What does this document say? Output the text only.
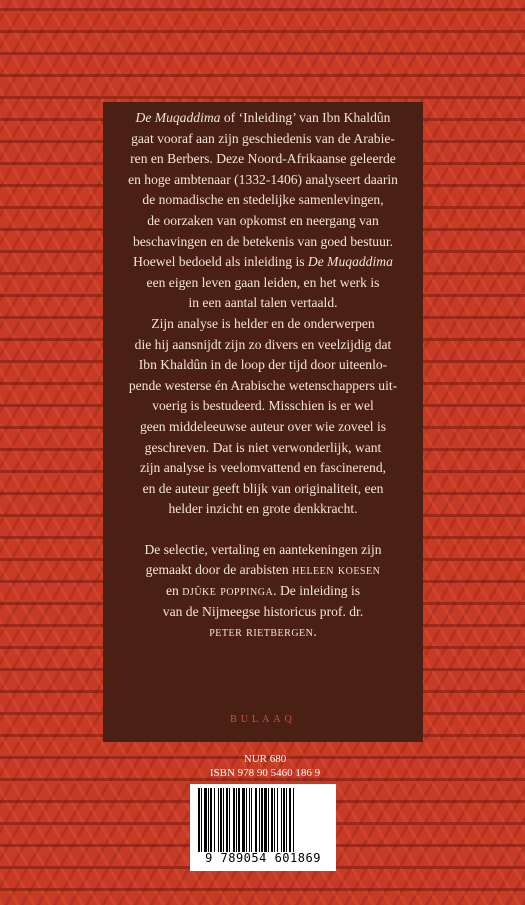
De Muqaddima of ‘Inleiding’ van Ibn Khaldûn

gaat vooraf aan zijn geschiedenis van de Arabie-

ren en Berbers. Deze Noord-Afrikaanse geleerde

en hoge ambtenaar (1332-1406) analyseert daarin

de nomadische en stedelijke samenlevingen,

de oorzaken van opkomst en neergang van

beschavingen en de betekenis van goed bestuur.

Hoewel bedoeld als inleiding is De Muqaddima

een eigen leven gaan leiden, en het werk is

in een aantal talen vertaald.

Zijn analyse is helder en de onderwerpen

die hij aansnijdt zijn zo divers en veelzijdig dat

Ibn Khaldûn in de loop der tijd door uiteenlo-

pende westerse én Arabische wetenschappers uit-

voerig is bestudeerd. Misschien is er wel

geen middeleeuwse auteur over wie zoveel is

geschreven. Dat is niet verwonderlijk, want

zijn analyse is veelomvattend en fascinerend,

en de auteur geeft blijk van originaliteit, een

helder inzicht en grote denkkracht.

De selectie, vertaling en aantekeningen zijn

gemaakt door de arabisten heleen koesen

en djûke poppinga. De inleiding is

van de Nijmeegse historicus prof. dr.

peter rietbergen.

BULAAQ
NUR 680
ISBN 978 90 5460 186 9
9 789054 601869
